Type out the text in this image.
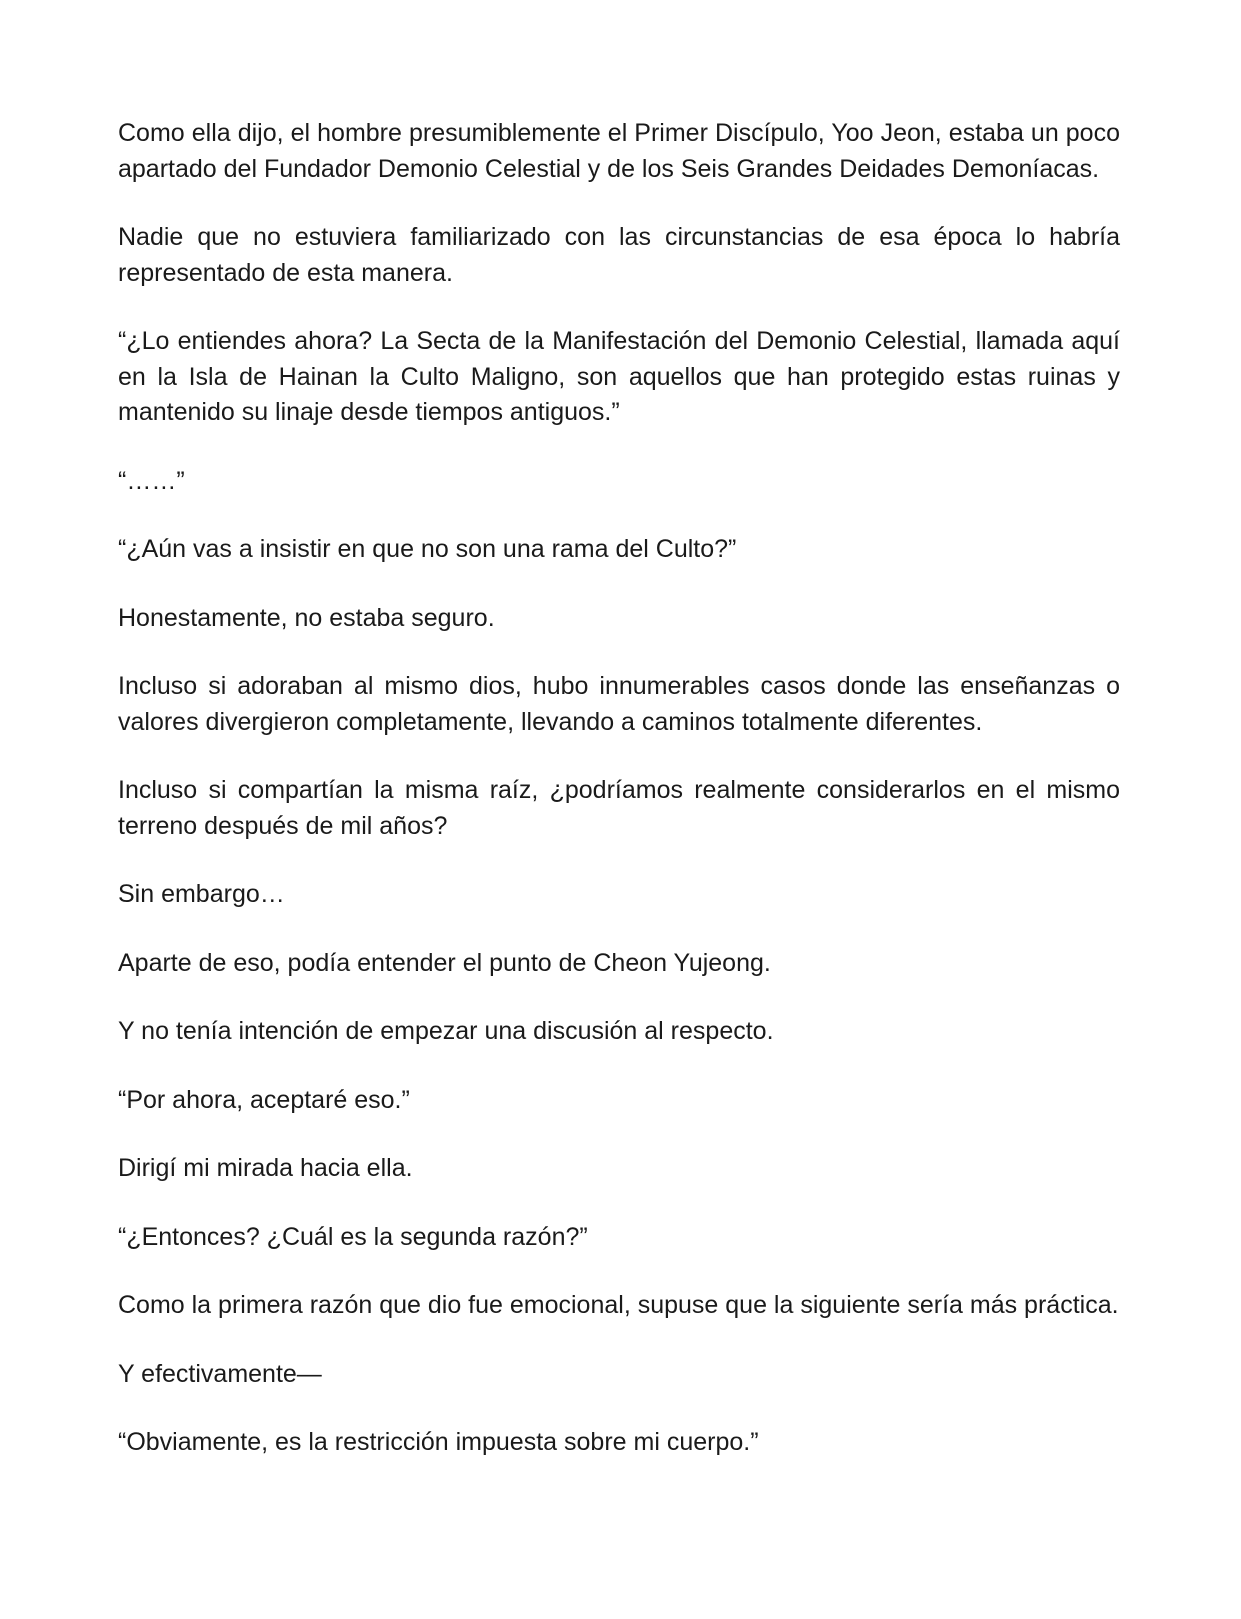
Como ella dijo, el hombre presumiblemente el Primer Discípulo, Yoo Jeon, estaba un poco apartado del Fundador Demonio Celestial y de los Seis Grandes Deidades Demoníacas.

Nadie que no estuviera familiarizado con las circunstancias de esa época lo habría representado de esta manera.

“¿Lo entiendes ahora? La Secta de la Manifestación del Demonio Celestial, llamada aquí en la Isla de Hainan la Culto Maligno, son aquellos que han protegido estas ruinas y mantenido su linaje desde tiempos antiguos.”

“……”

“¿Aún vas a insistir en que no son una rama del Culto?”

Honestamente, no estaba seguro.

Incluso si adoraban al mismo dios, hubo innumerables casos donde las enseñanzas o valores divergieron completamente, llevando a caminos totalmente diferentes.

Incluso si compartían la misma raíz, ¿podríamos realmente considerarlos en el mismo terreno después de mil años?

Sin embargo…

Aparte de eso, podía entender el punto de Cheon Yujeong.

Y no tenía intención de empezar una discusión al respecto.

“Por ahora, aceptaré eso.”

Dirigí mi mirada hacia ella.

“¿Entonces? ¿Cuál es la segunda razón?”

Como la primera razón que dio fue emocional, supuse que la siguiente sería más práctica.

Y efectivamente—

“Obviamente, es la restricción impuesta sobre mi cuerpo.”
